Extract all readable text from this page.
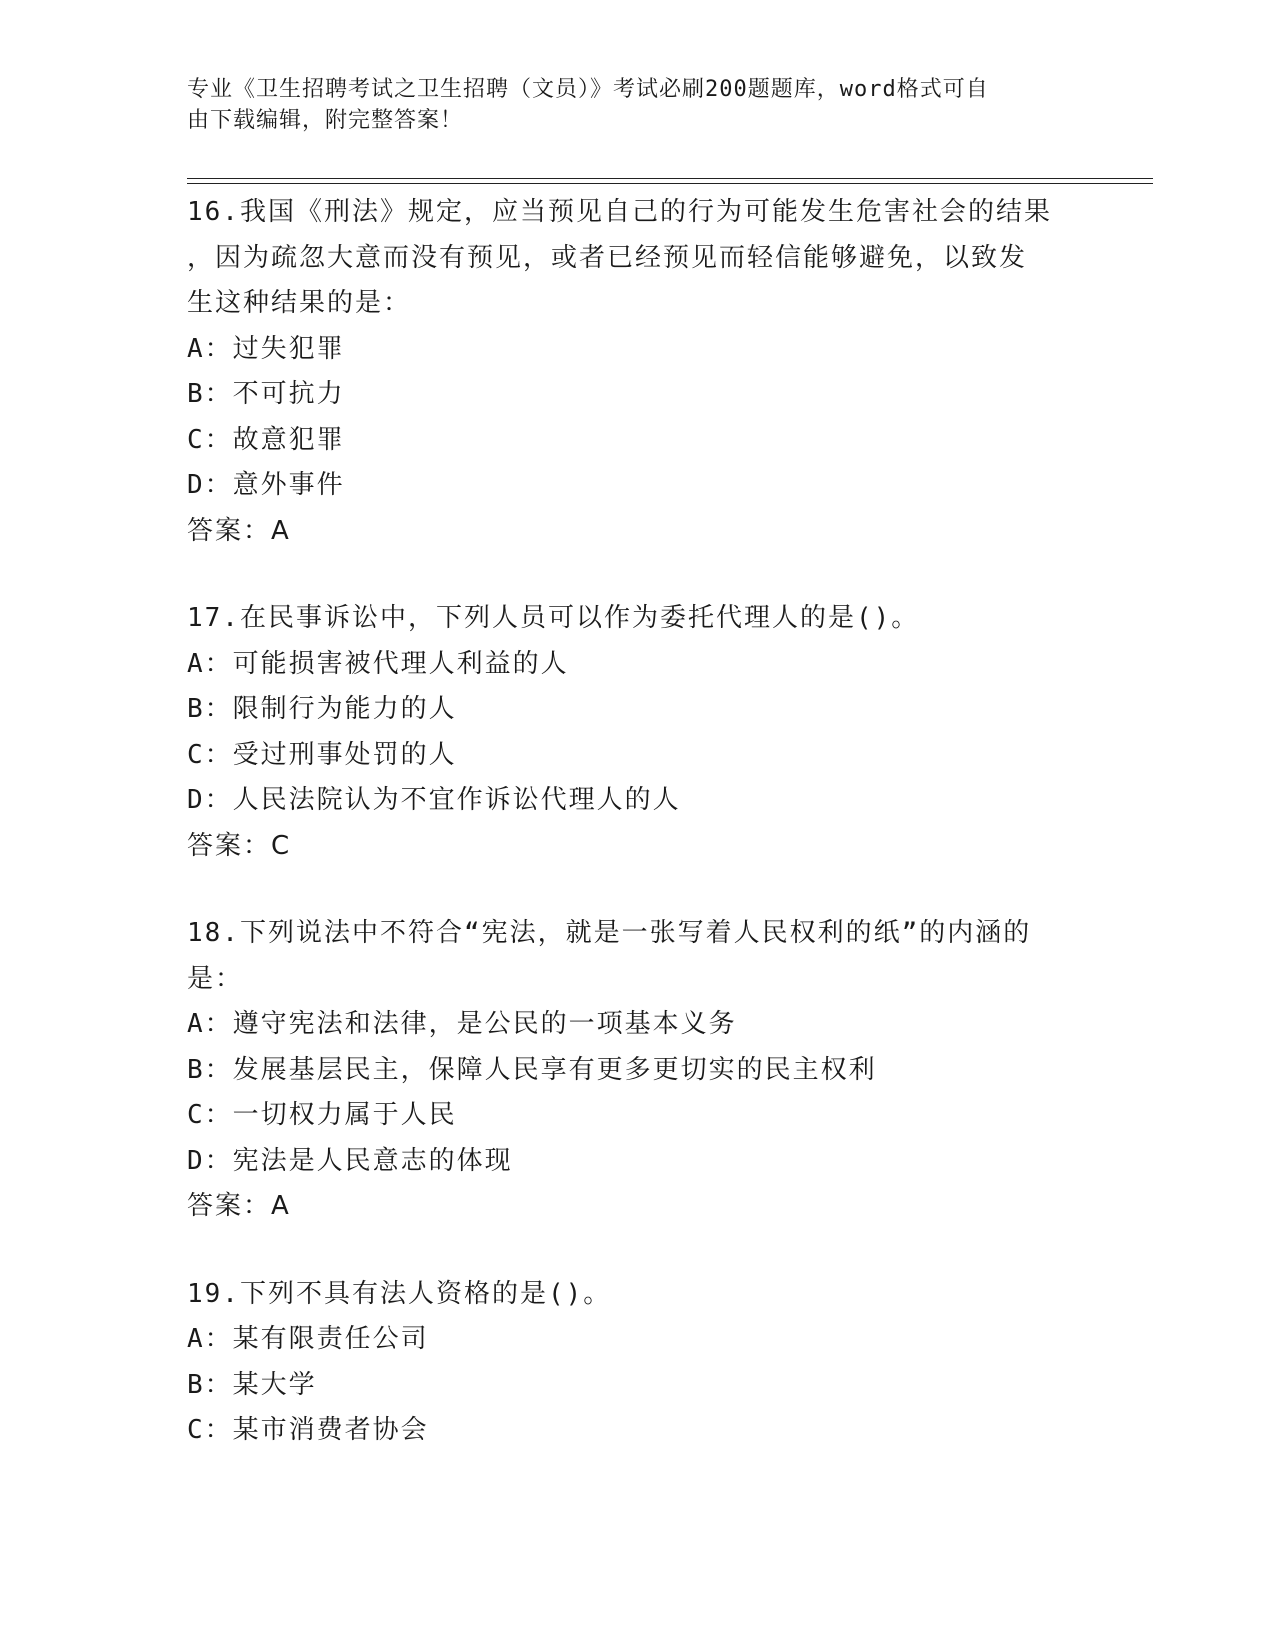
专业《卫生招聘考试之卫生招聘（文员）》考试必刷200题题库，word格式可自
由下载编辑，附完整答案！
16.我国《刑法》规定，应当预见自己的行为可能发生危害社会的结果
，因为疏忽大意而没有预见，或者已经预见而轻信能够避免，以致发
生这种结果的是：
A：过失犯罪
B：不可抗力
C：故意犯罪
D：意外事件
答案：A
17.在民事诉讼中，下列人员可以作为委托代理人的是()。
A：可能损害被代理人利益的人
B：限制行为能力的人
C：受过刑事处罚的人
D：人民法院认为不宜作诉讼代理人的人
答案：C
18.下列说法中不符合“宪法，就是一张写着人民权利的纸”的内涵的
是：
A：遵守宪法和法律，是公民的一项基本义务
B：发展基层民主，保障人民享有更多更切实的民主权利
C：一切权力属于人民
D：宪法是人民意志的体现
答案：A
19.下列不具有法人资格的是()。
A：某有限责任公司
B：某大学
C：某市消费者协会
